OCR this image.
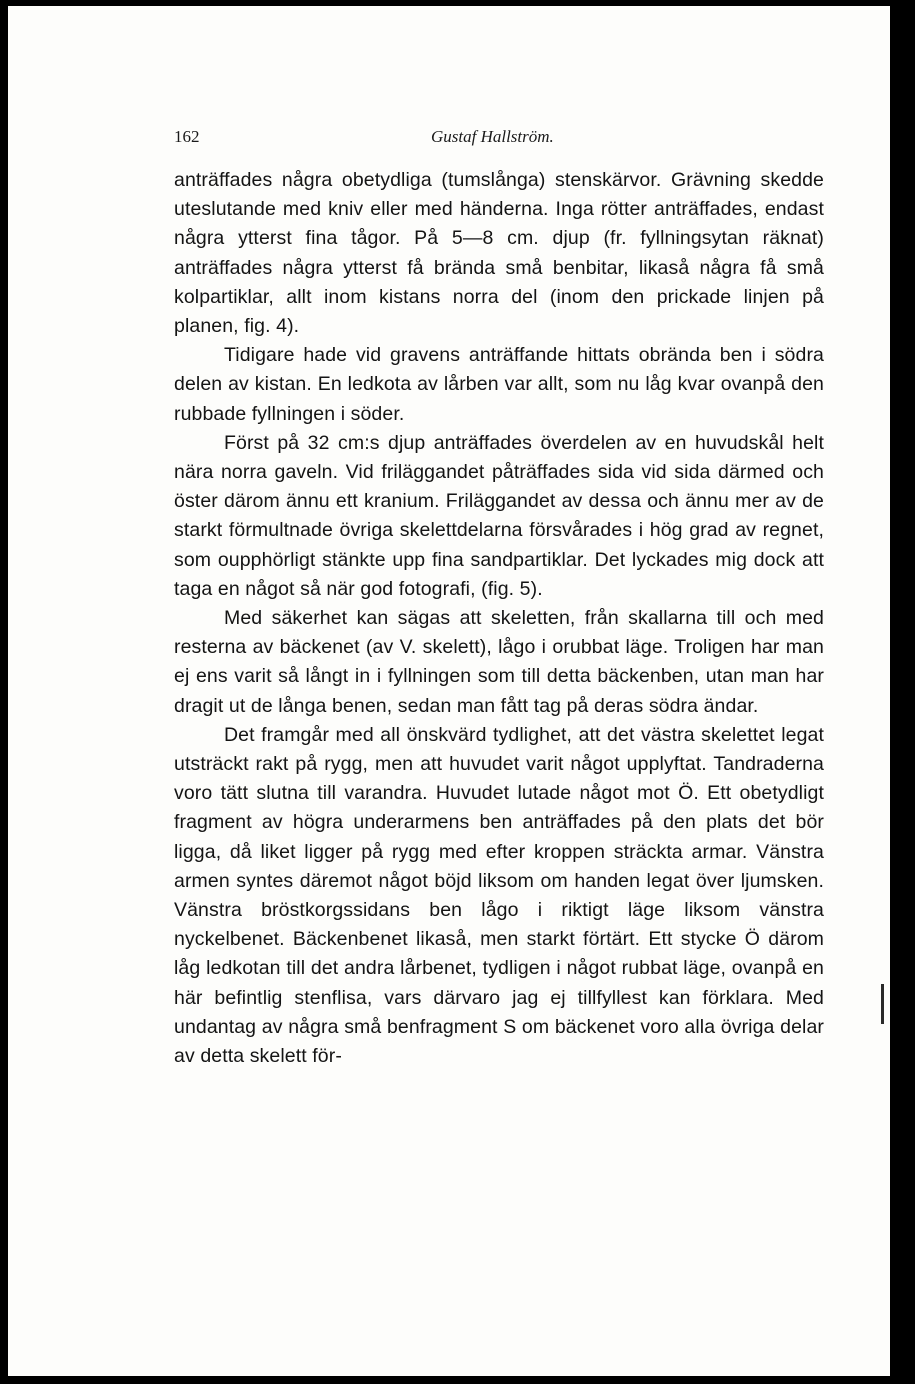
162	Gustaf Hallström.

anträffades några obetydliga (tumslånga) stenskärvor. Grävning skedde uteslutande med kniv eller med händerna. Inga rötter anträffades, endast några ytterst fina tågor. På 5—8 cm. djup (fr. fyllningsytan räknat) anträffades några ytterst få brända små benbitar, likaså några få små kolpartiklar, allt inom kistans norra del (inom den prickade linjen på planen, fig. 4).

Tidigare hade vid gravens anträffande hittats obrända ben i södra delen av kistan. En ledkota av lårben var allt, som nu låg kvar ovanpå den rubbade fyllningen i söder.

Först på 32 cm:s djup anträffades överdelen av en huvudskål helt nära norra gaveln. Vid friläggandet påträffades sida vid sida därmed och öster därom ännu ett kranium. Friläggandet av dessa och ännu mer av de starkt förmultnade övriga skelettdelarna försvårades i hög grad av regnet, som oupphörligt stänkte upp fina sandpartiklar. Det lyckades mig dock att taga en något så när god fotografi, (fig. 5).

Med säkerhet kan sägas att skeletten, från skallarna till och med resterna av bäckenet (av V. skelett), lågo i orubbat läge. Troligen har man ej ens varit så långt in i fyllningen som till detta bäckenben, utan man har dragit ut de långa benen, sedan man fått tag på deras södra ändar.

Det framgår med all önskvärd tydlighet, att det västra skelettet legat utsträckt rakt på rygg, men att huvudet varit något upplyftat. Tandraderna voro tätt slutna till varandra. Huvudet lutade något mot Ö. Ett obetydligt fragment av högra underarmens ben anträffades på den plats det bör ligga, då liket ligger på rygg med efter kroppen sträckta armar. Vänstra armen syntes däremot något böjd liksom om handen legat över ljumsken. Vänstra bröstkorgssidans ben lågo i riktigt läge liksom vänstra nyckelbenet. Bäckenbenet likaså, men starkt förtärt. Ett stycke Ö därom låg ledkotan till det andra lårbenet, tydligen i något rubbat läge, ovanpå en här befintlig stenflisa, vars därvaro jag ej tillfyllest kan förklara. Med undantag av några små benfragment S om bäckenet voro alla övriga delar av detta skelett för-
